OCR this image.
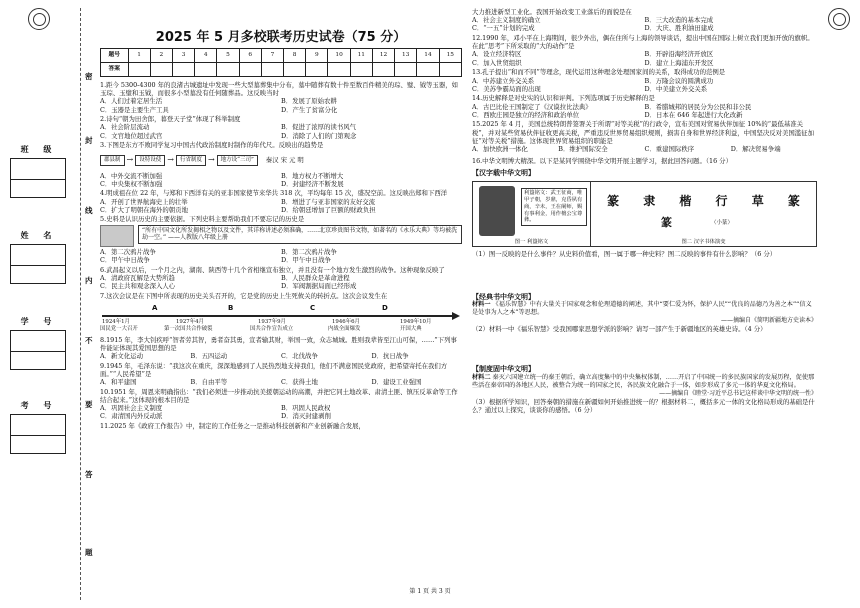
班 级
姓 名
学 号
考 号
密
封
线
内
不
要
答
题
2025 年 5 月多校联考历史试卷（75 分）
题号	1	2	3	4	5	6	7	8	9	10	11	12	13	14	15
答案															
1.距今 5300-4300 年的良渚古城遗址中发现一些大型墓葬集中分布，墓中随葬有数十件至数百件精美的琮、璧、钺等玉器，如玉琮、玉璧和玉钺，而很多小型墓没有任何随葬品。这反映当时
A．人们过着定居生活	B．发展了原始农耕
C．玉器是主要生产工具	D．产生了贫富分化
2.诗句“朝为田舍郎，暮登天子堂”体现了科举制度
A．社会阶层流动	B．促进了浓厚的读书风气
C．文官地位超过武官	D．消除了人们的门第观念
3.下图是东方不败同学复习中国古代政治制度时制作的年代尺。反映出的趋势是
郡县制 →	设特设使 →	行省制度 →	地方设“三司”	秦汉 宋 元 明
A．中外交流不断加强	B．地方权力不断增大
C．中央集权不断加强	D．封建经济不断发展
4.明成祖在位 22 年，与郑和下西洋有关的亚非国家使节来华共 318 次，平均每年 15 次，盛况空前。这反映出郑和下西洋
A．开创了世界航海史上的壮举	B．增进了与亚非国家的友好交流
C．扩大了明朝在海外的朝贡地	D．给朝廷增加了巨额的财政负担
5.史料是认识历史的主要依据。下列史料主要帮助我们不要忘记的历史是
“所有中国文化所发揭相之物以及文件，其详称讲述必须准确，……北京珍贵图书文物，如著名的《永乐大典》等均被洗劫一空。” ——人教版八年级上册
A．第二次鸦片战争	B．第二次鸦片战争
C．甲午中日战争	D．甲午中日战争
6.武昌起义以后，一个月之内，湖南、陕西等十几个省相继宣布独立，并且没有一个地方发生激烈的战争。这种现象反映了
A．清政府瓦解是大势所趋	B．人民群众是革命进程
C．民主共和观念深入人心	D．军阀割据局面已经形成
7.这次会议是在下图中所表现的历史关头召开的，它是党的历史上生死攸关的转折点。这次会议发生在
A	B	C	D
1924年1月	1927年4月	1937年9月	1946年6月	1949年10月
国民党一大召开	第一次国共合作破裂	国共合作宣告成立	内战全面爆发	开国大典
8.1915 年，李大钊疾呼“智者劳其智，勇者奋其勇，宣者输其财，举国一致，众志城城。胜则我辈皆至江山可保，……”下列事件能证体现其爱国思想的是
A．新文化运动	B．五四运动	C．北伐战争	D．抗日战争
9.1945 年，毛泽东说：“我这次在重庆，深深地感到了人民热烈地支持我们，他们不满意国民党政府，把希望寄托在我们方面。”“人民希望”是
A．和平建国	B．自由平等	C．获得土地	D．建设工业强国
10.1951 年，周恩来明确指出：“我们必须进一步推动抗美援朝运动的高潮，并把它同土地改革、肃清土匪、镇压反革命等工作结合起来。”这体现的根本目的是
A．巩固社会主义制度	B．巩固人民政权
C．肃清国内外反动派	D．消灭封建剥削
11.2025 年《政府工作报告》中，制定的工作任务之一是推动科技创新和产业创新融合发展，
大力推进新型工业化。我国开始改变工业落后的面貌是在
A．社会主义制度的确立	B．三大改造的基本完成
C．“一五”计划的完成	D．大庆、胜利油田建成
12.1990 年，邓小平在上海期间，很少外出，偶在住所与上海的领导谈话，提出中国在国际上树立我们更加开放的旗帜。在此“思考”下所采取的“大的动作”是
A．设立经济特区	B．开辟沿海经济开放区
C．加入世贸组织	D．建立上海浦东开发区
13.孔子提出“和而不同”等理念，现代运用这种理念处理国家间的关系，取得成功的范例是
A．中苏建立外交关系	B．万隆会议的圆满成功
C．美苏争霸局面的出现	D．中美建立外交关系
14.历史解释是对史实的认识和评判。下列选项属于历史解释的是
A．古巴比伦王国制定了《汉谟拉比法典》	B．希腊城邦的居民分为公民和非公民
C．西欧庄园是独立的经济和政治单位	D．日本在 646 年起进行大化改新
15.2025 年 4 月，美国总统特朗普签署关于所谓“对等关税”的行政令，宣布美国对贸易伙伴加征 10%的“最低基准关税”，并对某些贸易伙伴征收更高关税，严重违反世界贸易组织规则，损害自身和世界经济利益，中国坚决反对美国滥征加征“对等关税”措施。这体现世界贸易组织的职能是
A．加快欧洲一体化	B．维护国际安全	C．重建国际秩序	D．解决贸易争端
16.中华文明博大精深。以下是某同学围绕中华文明开展主题学习，据此回答问题。（16 分）
【汉字载中华文明】
利簋铭文：武王征商，唯甲子朝，岁鼎，克昏夙有商，辛未，王在阑师，赐有事利金，用作檀公宝尊彝。
图一 利簋铭文
篆 隶 楷 行 草 篆
篆	（小篆）
图二 汉字书体演变
（1）图一反映的是什么事件？从史料价值看，图一属于哪一种史料？图二反映的事件有什么影响？（6 分）
【经典书中华文明】
材料一 《福乐智慧》中有大量关于国家观念和伦理道德的阐述，其中“要仁爱为怀，保护人民”“优良的品德乃为善之本”“信义是处事为人之本”等思想。
——摘编自《简明新疆地方史读本》
（2）材料一中《福乐智慧》受我国哪家思想学派的影响？请写一部产生于新疆地区的英雄史诗。（4 分）
【制度固中华文明】
材料二 秦灭六国建立统一的秦王朝后，确立高度集中的中央集权体制，……开启了中国统一的多民族国家的发展历程，促使那些活在秦帝国的各地区人民，被整合为统一的国家之民，各民族文化融合于一体，如步形成了多元一体的华夏文化格局。
——摘编自《睦堂·习近平总书记这样谈中华文明的统一性》
（3）根据所学知识，回答秦朝的措施在新疆如何开始推进统一的？根据材料二，概括多元一体的文化格局形成的基础是什么？通过以上探究，谈谈你的感悟。（6 分）
第 1 页 共 3 页
